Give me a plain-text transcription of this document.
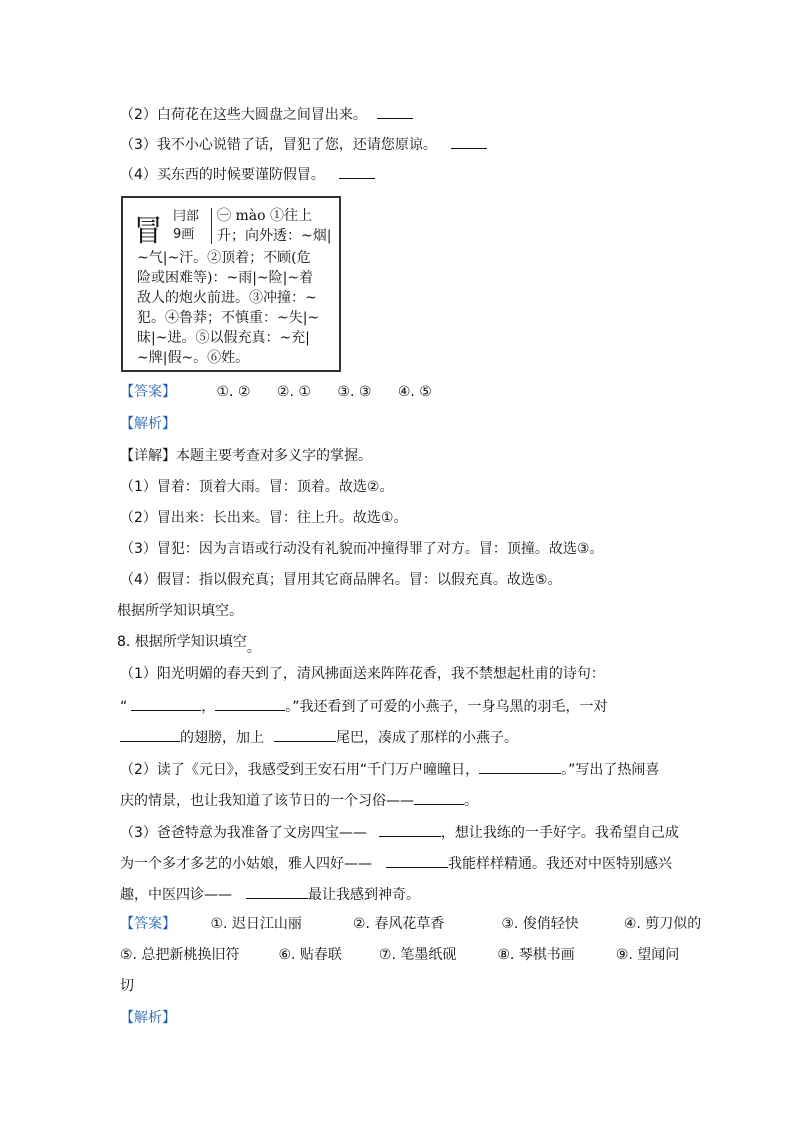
（2）白荷花在这些大圆盘之间冒出来。
（3）我不小心说错了话，冒犯了您，还请您原谅。
（4）买东西的时候要谨防假冒。
冒 冃部
9画
㊀ mào ①往上
升；向外透：~烟|
~气|~汗。②顶着；不顾(危
险或困难等)：~雨|~险|~着
敌人的炮火前进。③冲撞：~
犯。④鲁莽；不慎重：~失|~
昧|~进。⑤以假充真：~充|
~牌|假~。⑥姓。
【答案】	①. ② ②. ① ③. ③ ④. ⑤
【解析】
【详解】本题主要考查对多义字的掌握。
（1）冒着：顶着大雨。冒：顶着。故选②。
（2）冒出来：长出来。冒：往上升。故选①。
（3）冒犯：因为言语或行动没有礼貌而冲撞得罪了对方。冒：顶撞。故选③。
（4）假冒：指以假充真；冒用其它商品牌名。冒：以假充真。故选⑤。
根据所学知识填空。
8. 根据所学知识填空。
（1）阳光明媚的春天到了，清风拂面送来阵阵花香，我不禁想起杜甫的诗句：
“	，	。”我还看到了可爱的小燕子，一身乌黑的羽毛，一对
的翅膀，加上	尾巴，凑成了那样的小燕子。
（2）读了《元日》，我感受到王安石用“千门万户曈曈日，	。”写出了热闹喜
庆的情景，也让我知道了该节日的一个习俗——	。
（3）爸爸特意为我准备了文房四宝——	，想让我练的一手好字。我希望自己成
为一个多才多艺的小姑娘，雅人四好——	我能样样精通。我还对中医特别感兴
趣，中医四诊——	最让我感到神奇。
【答案】 ①. 迟日江山丽	②. 春风花草香	③. 俊俏轻快	④. 剪刀似的
⑤. 总把新桃换旧符	⑥. 贴春联	⑦. 笔墨纸砚	⑧. 琴棋书画	⑨. 望闻问
切
【解析】
